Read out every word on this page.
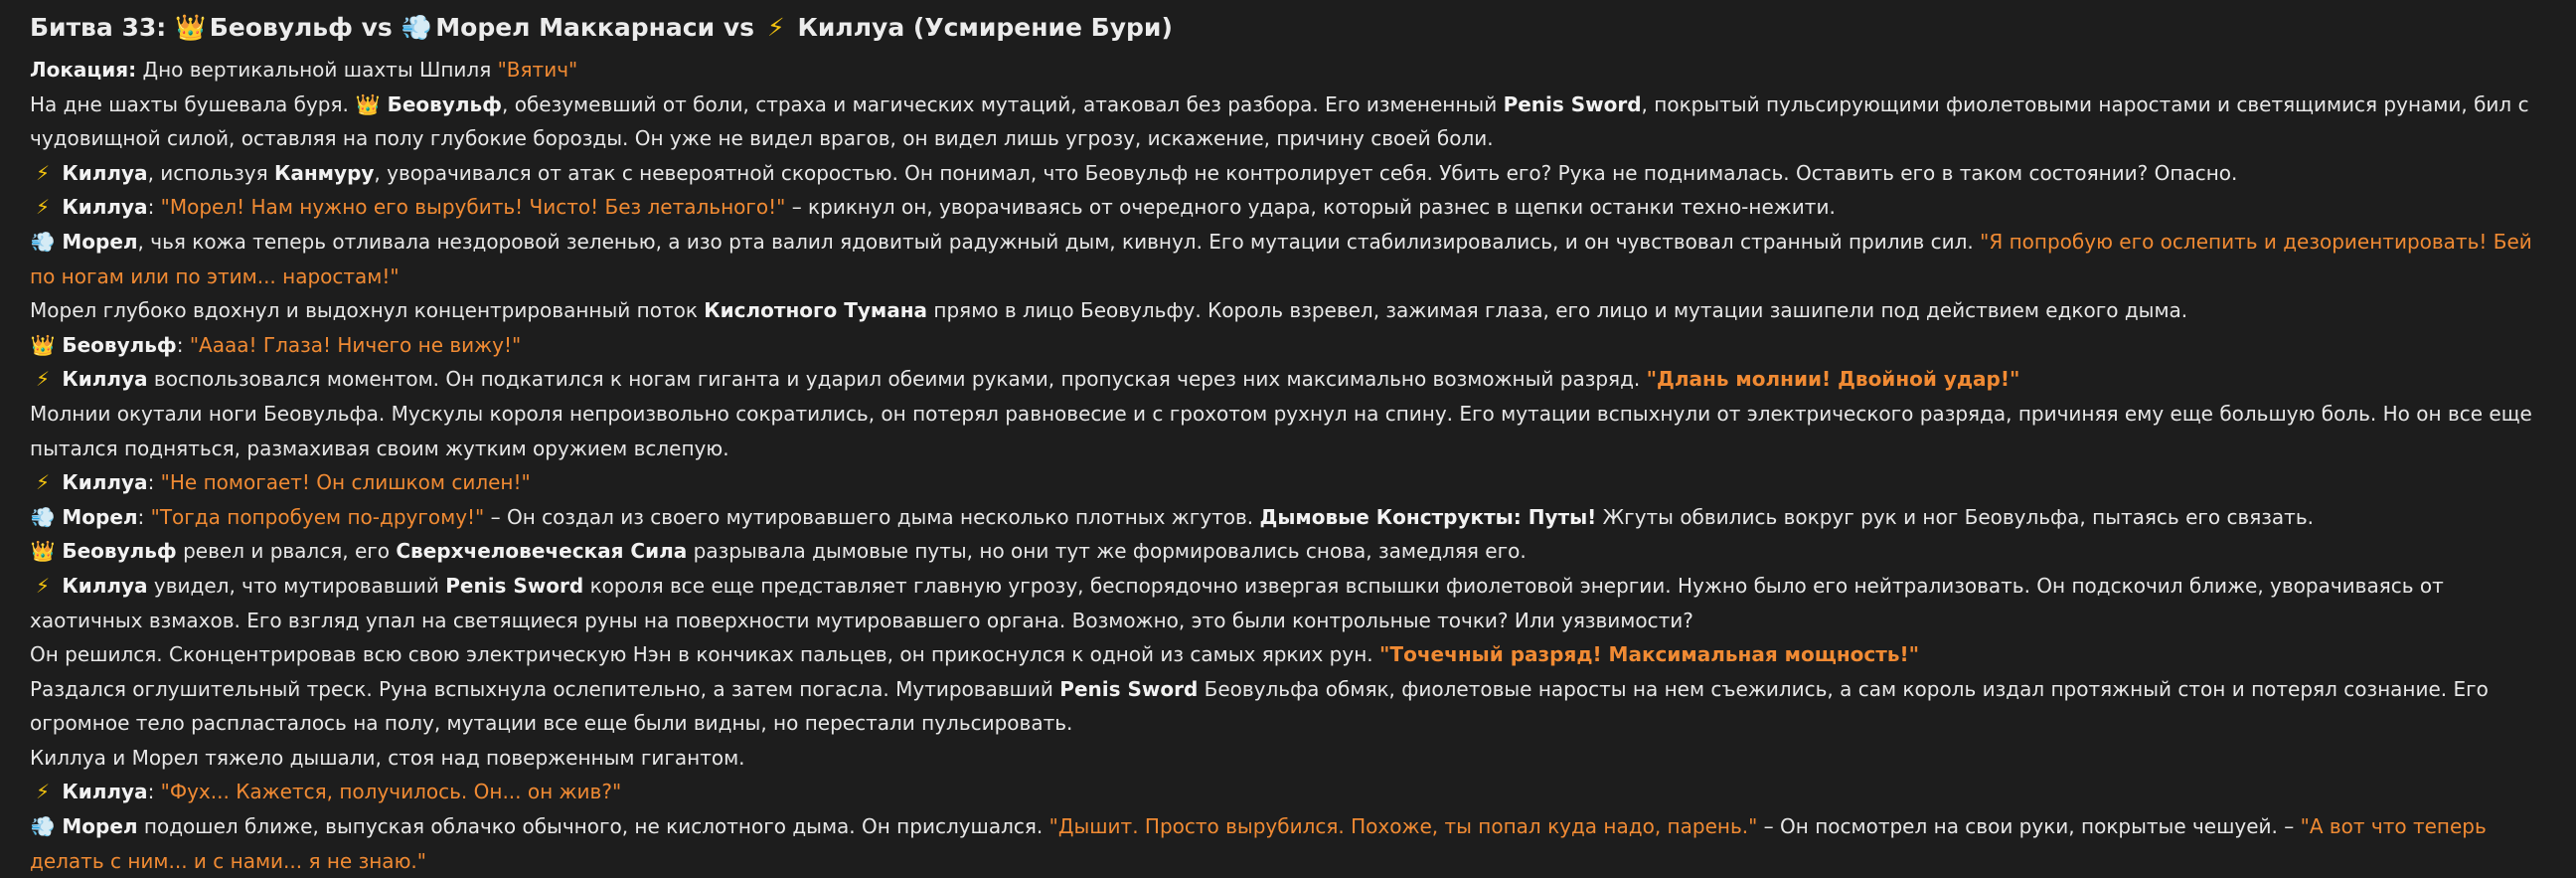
Битва 33: 👑 Беовульф vs 💨 Морел Маккарнаси vs ⚡ Киллуа (Усмирение Бури)

Локация: Дно вертикальной шахты Шпиля "Вятич"

На дне шахты бушевала буря. 👑 Беовульф, обезумевший от боли, страха и магических мутаций, атаковал без разбора. Его измененный Penis Sword, покрытый пульсирующими фиолетовыми наростами и светящимися рунами, бил с чудовищной силой, оставляя на полу глубокие борозды. Он уже не видел врагов, он видел лишь угрозу, искажение, причину своей боли.

⚡ Киллуа, используя Канмуру, уворачивался от атак с невероятной скоростью. Он понимал, что Беовульф не контролирует себя. Убить его? Рука не поднималась. Оставить его в таком состоянии? Опасно.

⚡ Киллуа: "Морел! Нам нужно его вырубить! Чисто! Без летального!" – крикнул он, уворачиваясь от очередного удара, который разнес в щепки останки техно-нежити.

💨 Морел, чья кожа теперь отливала нездоровой зеленью, а изо рта валил ядовитый радужный дым, кивнул. Его мутации стабилизировались, и он чувствовал странный прилив сил. "Я попробую его ослепить и дезориентировать! Бей по ногам или по этим... наростам!"

Морел глубоко вдохнул и выдохнул концентрированный поток Кислотного Тумана прямо в лицо Беовульфу. Король взревел, зажимая глаза, его лицо и мутации зашипели под действием едкого дыма.

👑 Беовульф: "Аааа! Глаза! Ничего не вижу!"

⚡ Киллуа воспользовался моментом. Он подкатился к ногам гиганта и ударил обеими руками, пропуская через них максимально возможный разряд. "Длань молнии! Двойной удар!"

Молнии окутали ноги Беовульфа. Мускулы короля непроизвольно сократились, он потерял равновесие и с грохотом рухнул на спину. Его мутации вспыхнули от электрического разряда, причиняя ему еще большую боль. Но он все еще пытался подняться, размахивая своим жутким оружием вслепую.

⚡ Киллуа: "Не помогает! Он слишком силен!"

💨 Морел: "Тогда попробуем по-другому!" – Он создал из своего мутировавшего дыма несколько плотных жгутов. Дымовые Конструкты: Путы! Жгуты обвились вокруг рук и ног Беовульфа, пытаясь его связать.

👑 Беовульф ревел и рвался, его Сверхчеловеческая Сила разрывала дымовые путы, но они тут же формировались снова, замедляя его.

⚡ Киллуа увидел, что мутировавший Penis Sword короля все еще представляет главную угрозу, беспорядочно извергая вспышки фиолетовой энергии. Нужно было его нейтрализовать. Он подскочил ближе, уворачиваясь от хаотичных взмахов. Его взгляд упал на светящиеся руны на поверхности мутировавшего органа. Возможно, это были контрольные точки? Или уязвимости?

Он решился. Сконцентрировав всю свою электрическую Нэн в кончиках пальцев, он прикоснулся к одной из самых ярких рун. "Точечный разряд! Максимальная мощность!"

Раздался оглушительный треск. Руна вспыхнула ослепительно, а затем погасла. Мутировавший Penis Sword Беовульфа обмяк, фиолетовые наросты на нем съежились, а сам король издал протяжный стон и потерял сознание. Его огромное тело распласталось на полу, мутации все еще были видны, но перестали пульсировать.

Киллуа и Морел тяжело дышали, стоя над поверженным гигантом.

⚡ Киллуа: "Фух... Кажется, получилось. Он... он жив?"

💨 Морел подошел ближе, выпуская облачко обычного, не кислотного дыма. Он прислушался. "Дышит. Просто вырубился. Похоже, ты попал куда надо, парень." – Он посмотрел на свои руки, покрытые чешуей. – "А вот что теперь делать с ним... и с нами... я не знаю."
